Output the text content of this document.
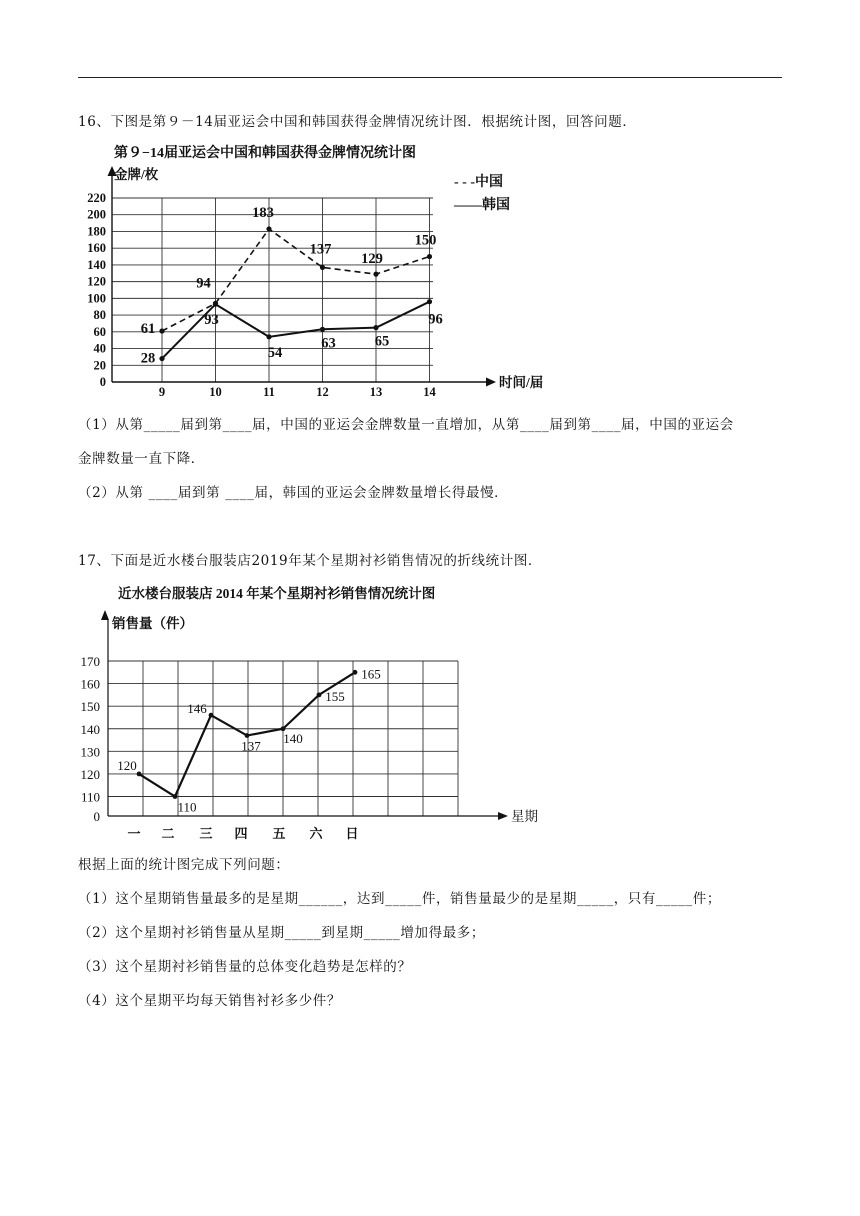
16、下图是第９－14届亚运会中国和韩国获得金牌情况统计图．根据统计图，回答问题．
第９−14届亚运会中国和韩国获得金牌情况统计图
金牌/枚
0
20
40
60
80
100
120
140
160
180
200
220
9	10	11	12	13	14
时间/届
- - -中国
——韩国
61
94
183
137
129
150
28
93
54
63	65
96
（1）从第_____届到第____届，中国的亚运会金牌数量一直增加，从第____届到第____届，中国的亚运会
金牌数量一直下降．
（2）从第 ____届到第 ____届，韩国的亚运会金牌数量增长得最慢．
17、下面是近水楼台服装店2019年某个星期衬衫销售情况的折线统计图．
近水楼台服装店 2014 年某个星期衬衫销售情况统计图
销售量（件）
0
110
120
130
140
150
160
170
星期
一 二 三 四 五 六 日
120
110
146
137
140
155
165
根据上面的统计图完成下列问题：
（1）这个星期销售量最多的是星期______，达到_____件，销售量最少的是星期_____，只有_____件；
（2）这个星期衬衫销售量从星期_____到星期_____增加得最多；
（3）这个星期衬衫销售量的总体变化趋势是怎样的？
（4）这个星期平均每天销售衬衫多少件？
